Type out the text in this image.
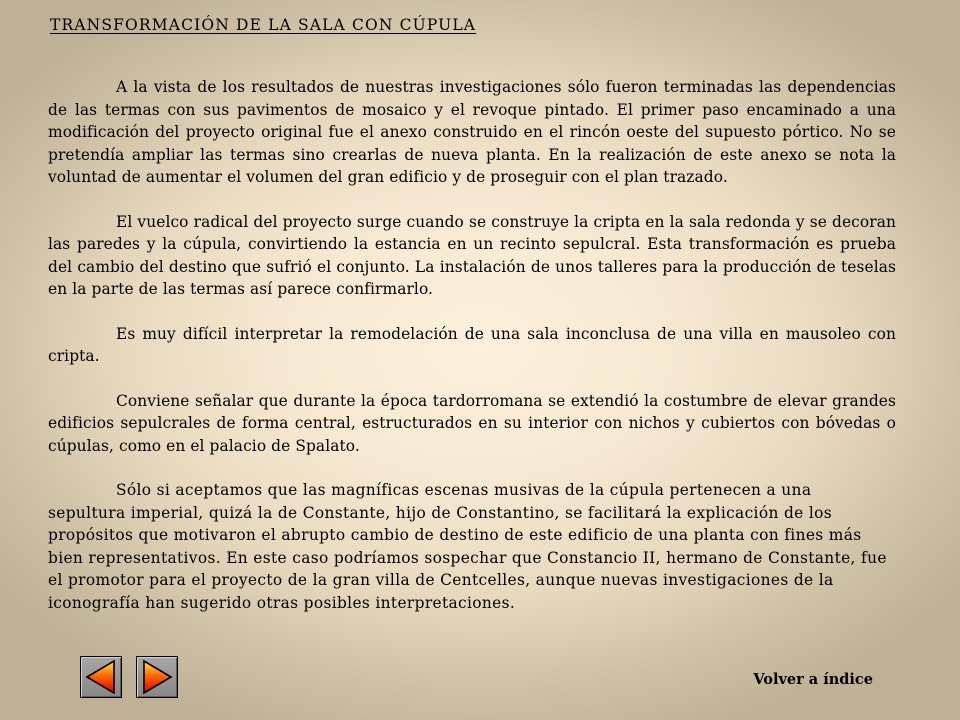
TRANSFORMACIÓN DE LA SALA CON CÚPULA

A la vista de los resultados de nuestras investigaciones sólo fueron terminadas las dependencias de las termas con sus pavimentos de mosaico y el revoque pintado. El primer paso encaminado a una modificación del proyecto original fue el anexo construido en el rincón oeste del supuesto pórtico. No se pretendía ampliar las termas sino crearlas de nueva planta. En la realización de este anexo se nota la voluntad de aumentar el volumen del gran edificio y de proseguir con el plan trazado.

El vuelco radical del proyecto surge cuando se construye la cripta en la sala redonda y se decoran las paredes y la cúpula, convirtiendo la estancia en un recinto sepulcral. Esta transformación es prueba del cambio del destino que sufrió el conjunto. La instalación de unos talleres para la producción de teselas en la parte de las termas así parece confirmarlo.

Es muy difícil interpretar la remodelación de una sala inconclusa de una villa en mausoleo con cripta.

Conviene señalar que durante la época tardorromana se extendió la costumbre de elevar grandes edificios sepulcrales de forma central, estructurados en su interior con nichos y cubiertos con bóvedas o cúpulas, como en el palacio de Spalato.

Sólo si aceptamos que las magníficas escenas musivas de la cúpula pertenecen a una sepultura imperial, quizá la de Constante, hijo de Constantino, se facilitará la explicación de los propósitos que motivaron el abrupto cambio de destino de este edificio de una planta con fines más bien representativos. En este caso podríamos sospechar que Constancio II, hermano de Constante, fue el promotor para el proyecto de la gran villa de Centcelles, aunque nuevas investigaciones de la iconografía han sugerido otras posibles interpretaciones.

Volver a índice
